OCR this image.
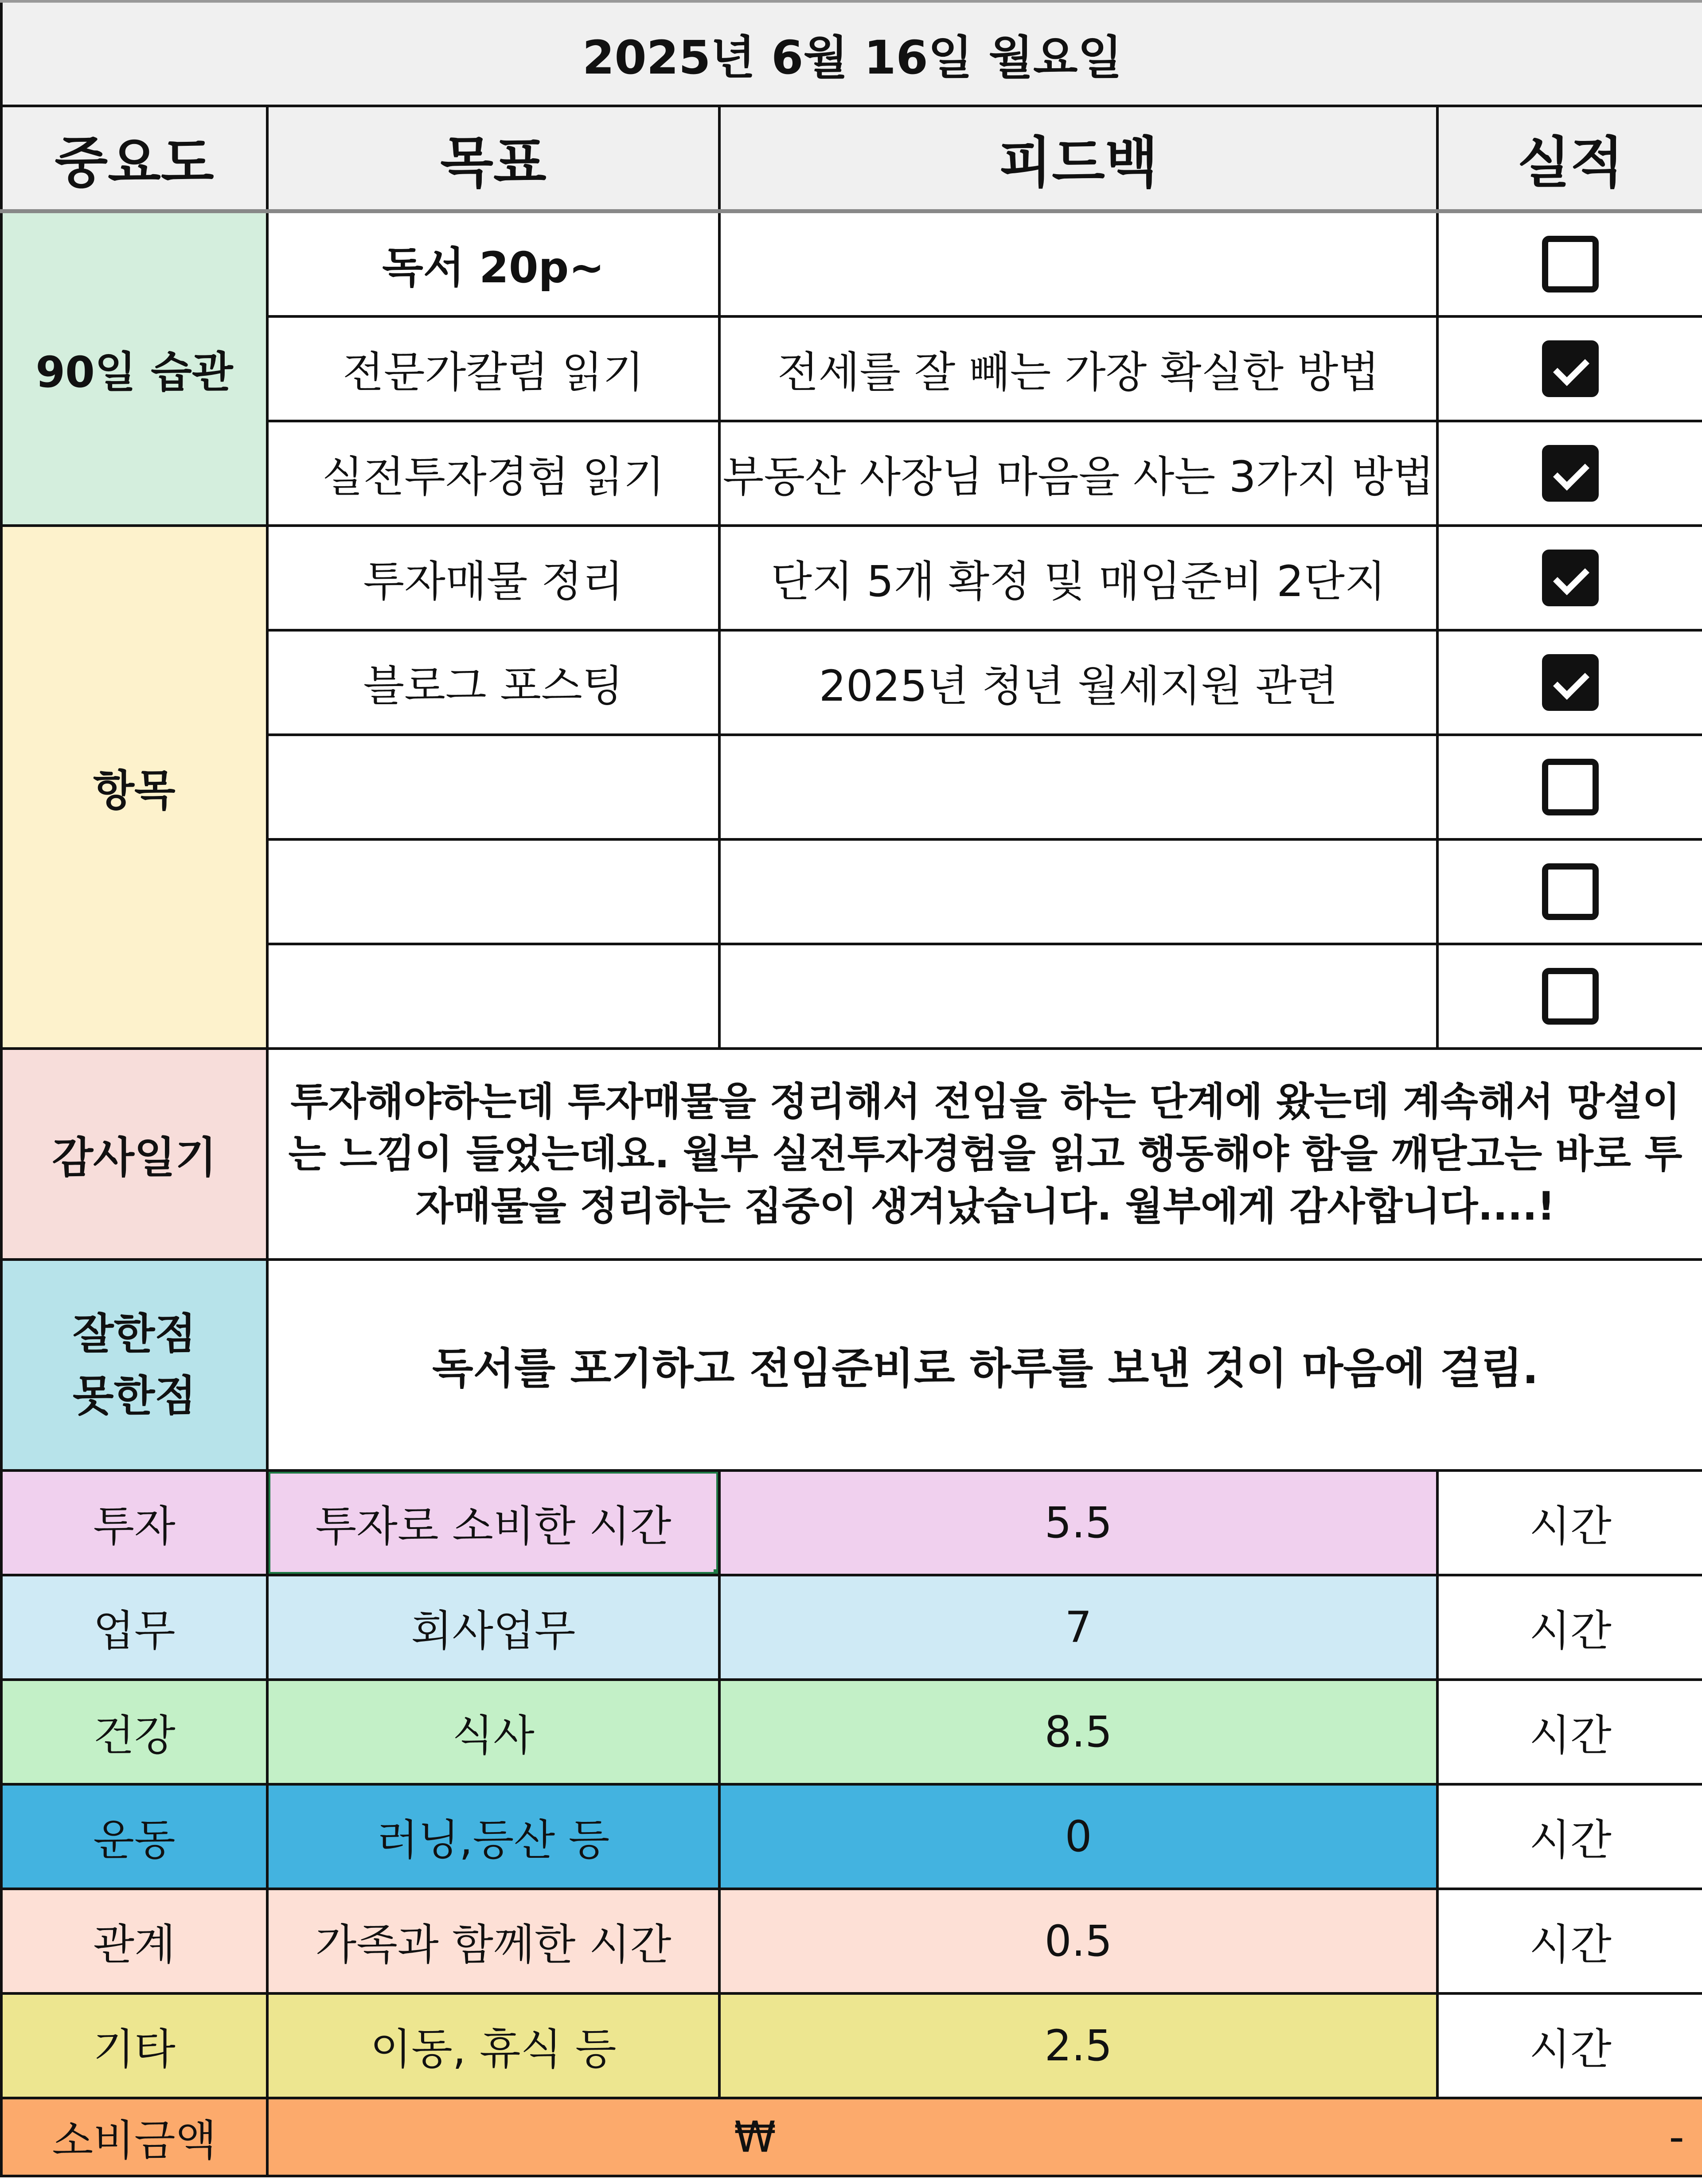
2025년 6월 16일 월요일			
중요도	목표	피드백	실적
90일 습관	독서 20p~		
	전문가칼럼 읽기	전세를 잘 빼는 가장 확실한 방법	
	실전투자경험 읽기	부동산 사장님 마음을 사는 3가지 방법	
항목	투자매물 정리	단지 5개 확정 및 매임준비 2단지	
	블로그 포스팅	2025년 청년 월세지원 관련	

감사일기	투자해야하는데 투자매물을 정리해서 전임을 하는 단계에 왔는데 계속해서 망설이는 느낌이 들었는데요. 월부 실전투자경험을 읽고 행동해야 함을 깨닫고는 바로 투자매물을 정리하는 집중이 생겨났습니다. 월부에게 감사합니다....!		

잘한점
못한점	독서를 포기하고 전임준비로 하루를 보낸 것이 마음에 걸림.		
투자	투자로 소비한 시간	5.5	시간
업무	회사업무	7	시간
건강	식사	8.5	시간
운동	러닝,등산 등	0	시간
관계	가족과 함께한 시간	0.5	시간
기타	이동, 휴식 등	2.5	시간
소비금액	₩ -		
